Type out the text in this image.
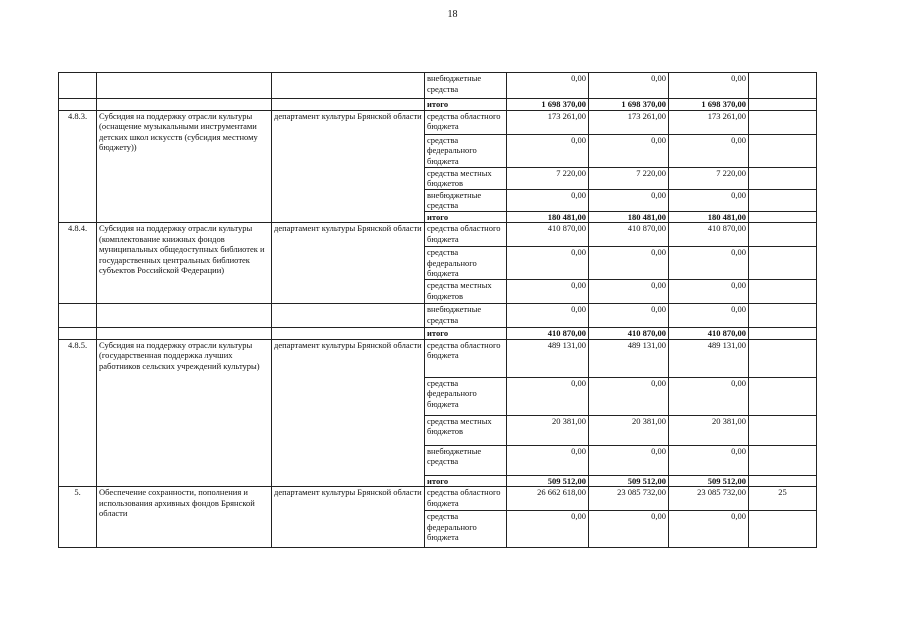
18
			внебюджетные средства	0,00	0,00	0,00	
			итого	1 698 370,00	1 698 370,00	1 698 370,00	
4.8.3.	Субсидия на поддержку отрасли культуры (оснащение музыкальными инструментами детских школ искусств (субсидия местному бюджету))	департамент культуры Брянской области	средства областного бюджета	173 261,00	173 261,00	173 261,00	
			средства федерального бюджета	0,00	0,00	0,00	
			средства местных бюджетов	7 220,00	7 220,00	7 220,00	
			внебюджетные средства	0,00	0,00	0,00	
			итого	180 481,00	180 481,00	180 481,00	
4.8.4.	Субсидия на поддержку отрасли культуры (комплектование книжных фондов муниципальных общедоступных библиотек и государственных центральных библиотек субъектов Российской Федерации)	департамент культуры Брянской области	средства областного бюджета	410 870,00	410 870,00	410 870,00	
			средства федерального бюджета	0,00	0,00	0,00	
			средства местных бюджетов	0,00	0,00	0,00	
			внебюджетные средства	0,00	0,00	0,00	
			итого	410 870,00	410 870,00	410 870,00	
4.8.5.	Субсидия на поддержку отрасли культуры (государственная поддержка лучших работников сельских учреждений культуры)	департамент культуры Брянской области	средства областного бюджета	489 131,00	489 131,00	489 131,00	
			средства федерального бюджета	0,00	0,00	0,00	
			средства местных бюджетов	20 381,00	20 381,00	20 381,00	
			внебюджетные средства	0,00	0,00	0,00	
			итого	509 512,00	509 512,00	509 512,00	
5.	Обеспечение сохранности, пополнения и использования архивных фондов Брянской области	департамент культуры Брянской области	средства областного бюджета	26 662 618,00	23 085 732,00	23 085 732,00	25
			средства федерального бюджета	0,00	0,00	0,00	
